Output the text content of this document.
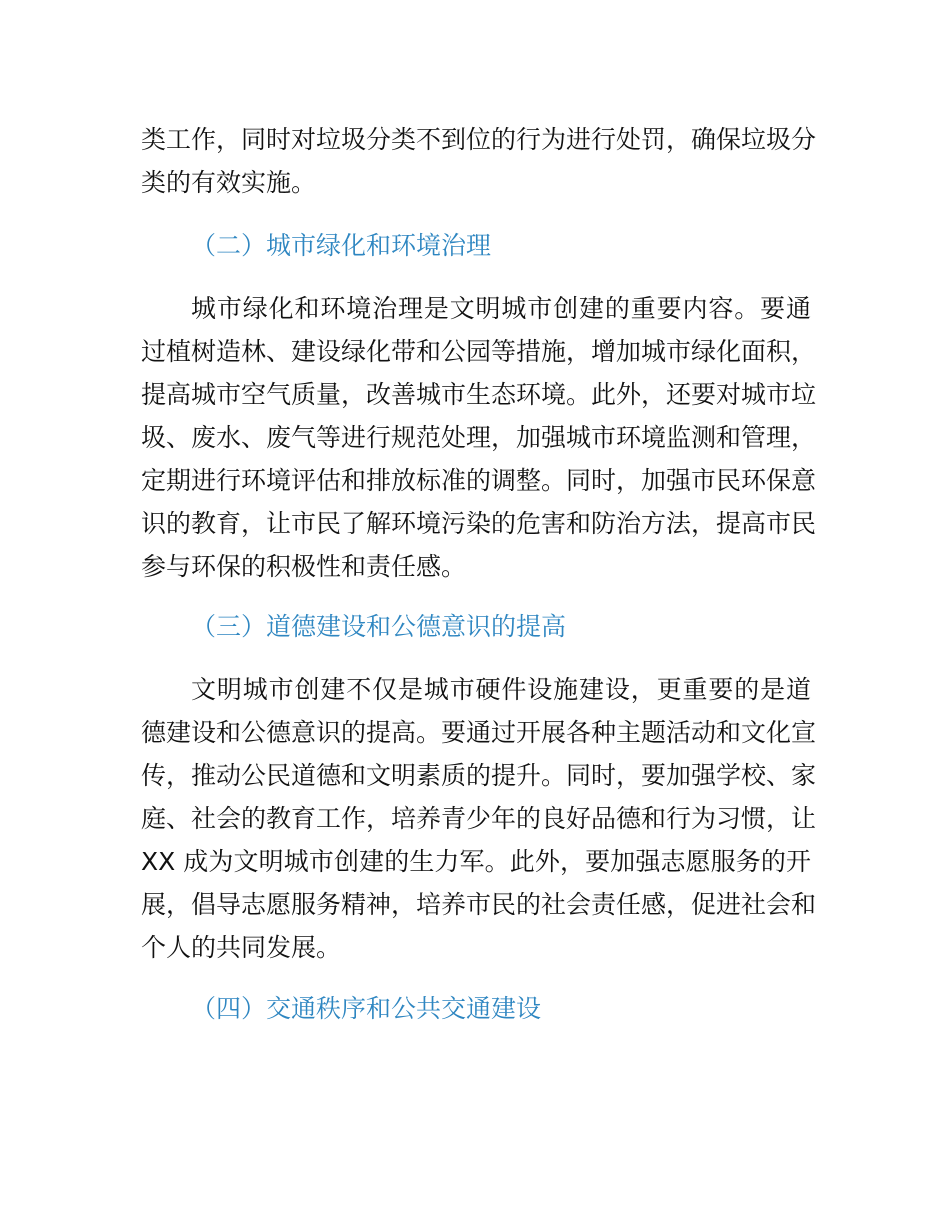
类工作，同时对垃圾分类不到位的行为进行处罚，确保垃圾分

类的有效实施。

（二）城市绿化和环境治理

城市绿化和环境治理是文明城市创建的重要内容。要通

过植树造林、建设绿化带和公园等措施，增加城市绿化面积，

提高城市空气质量，改善城市生态环境。此外，还要对城市垃

圾、废水、废气等进行规范处理，加强城市环境监测和管理，

定期进行环境评估和排放标准的调整。同时，加强市民环保意

识的教育，让市民了解环境污染的危害和防治方法，提高市民

参与环保的积极性和责任感。

（三）道德建设和公德意识的提高

文明城市创建不仅是城市硬件设施建设，更重要的是道

德建设和公德意识的提高。要通过开展各种主题活动和文化宣

传，推动公民道德和文明素质的提升。同时，要加强学校、家

庭、社会的教育工作，培养青少年的良好品德和行为习惯，让

XX 成为文明城市创建的生力军。此外，要加强志愿服务的开

展，倡导志愿服务精神，培养市民的社会责任感，促进社会和

个人的共同发展。

（四）交通秩序和公共交通建设
